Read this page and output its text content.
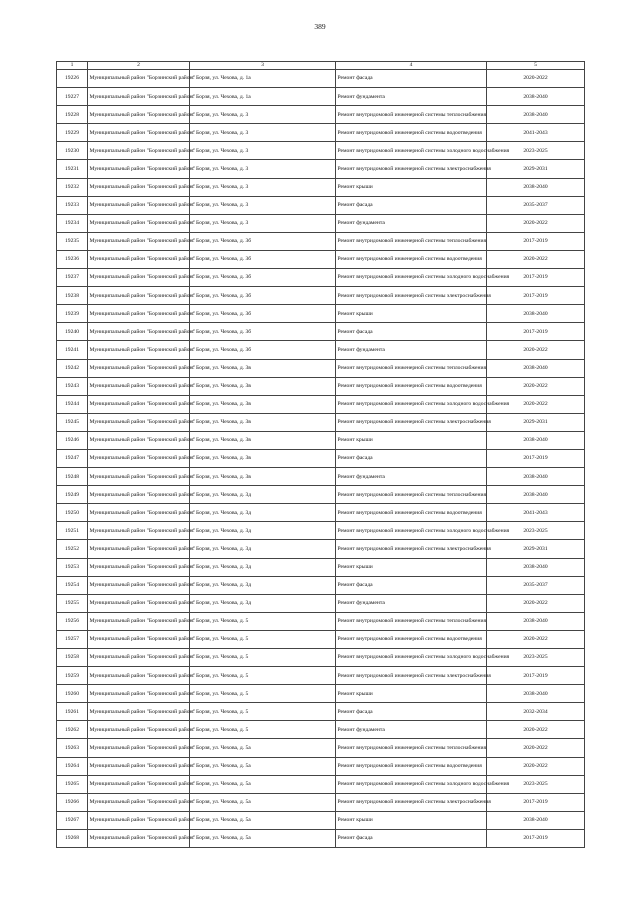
389
1	2	3	4	5
19226	Муниципальный район "Борзинский район"	г. Борзя, ул. Чехова, д. 1а	Ремонт фасада	2020-2022
19227	Муниципальный район "Борзинский район"	г. Борзя, ул. Чехова, д. 1а	Ремонт фундамента	2038-2040
19228	Муниципальный район "Борзинский район"	г. Борзя, ул. Чехова, д. 3	Ремонт внутридомовой инженерной системы теплоснабжения	2038-2040
19229	Муниципальный район "Борзинский район"	г. Борзя, ул. Чехова, д. 3	Ремонт внутридомовой инженерной системы водоотведения	2041-2043
19230	Муниципальный район "Борзинский район"	г. Борзя, ул. Чехова, д. 3	Ремонт внутридомовой инженерной системы холодного водоснабжения	2023-2025
19231	Муниципальный район "Борзинский район"	г. Борзя, ул. Чехова, д. 3	Ремонт внутридомовой инженерной системы электроснабжения	2029-2031
19232	Муниципальный район "Борзинский район"	г. Борзя, ул. Чехова, д. 3	Ремонт крыши	2038-2040
19233	Муниципальный район "Борзинский район"	г. Борзя, ул. Чехова, д. 3	Ремонт фасада	2035-2037
19234	Муниципальный район "Борзинский район"	г. Борзя, ул. Чехова, д. 3	Ремонт фундамента	2020-2022
19235	Муниципальный район "Борзинский район"	г. Борзя, ул. Чехова, д. 3б	Ремонт внутридомовой инженерной системы теплоснабжения	2017-2019
19236	Муниципальный район "Борзинский район"	г. Борзя, ул. Чехова, д. 3б	Ремонт внутридомовой инженерной системы водоотведения	2020-2022
19237	Муниципальный район "Борзинский район"	г. Борзя, ул. Чехова, д. 3б	Ремонт внутридомовой инженерной системы холодного водоснабжения	2017-2019
19238	Муниципальный район "Борзинский район"	г. Борзя, ул. Чехова, д. 3б	Ремонт внутридомовой инженерной системы электроснабжения	2017-2019
19239	Муниципальный район "Борзинский район"	г. Борзя, ул. Чехова, д. 3б	Ремонт крыши	2038-2040
19240	Муниципальный район "Борзинский район"	г. Борзя, ул. Чехова, д. 3б	Ремонт фасада	2017-2019
19241	Муниципальный район "Борзинский район"	г. Борзя, ул. Чехова, д. 3б	Ремонт фундамента	2020-2022
19242	Муниципальный район "Борзинский район"	г. Борзя, ул. Чехова, д. 3в	Ремонт внутридомовой инженерной системы теплоснабжения	2038-2040
19243	Муниципальный район "Борзинский район"	г. Борзя, ул. Чехова, д. 3в	Ремонт внутридомовой инженерной системы водоотведения	2020-2022
19244	Муниципальный район "Борзинский район"	г. Борзя, ул. Чехова, д. 3в	Ремонт внутридомовой инженерной системы холодного водоснабжения	2020-2022
19245	Муниципальный район "Борзинский район"	г. Борзя, ул. Чехова, д. 3в	Ремонт внутридомовой инженерной системы электроснабжения	2029-2031
19246	Муниципальный район "Борзинский район"	г. Борзя, ул. Чехова, д. 3в	Ремонт крыши	2038-2040
19247	Муниципальный район "Борзинский район"	г. Борзя, ул. Чехова, д. 3в	Ремонт фасада	2017-2019
19248	Муниципальный район "Борзинский район"	г. Борзя, ул. Чехова, д. 3в	Ремонт фундамента	2038-2040
19249	Муниципальный район "Борзинский район"	г. Борзя, ул. Чехова, д. 3д	Ремонт внутридомовой инженерной системы теплоснабжения	2038-2040
19250	Муниципальный район "Борзинский район"	г. Борзя, ул. Чехова, д. 3д	Ремонт внутридомовой инженерной системы водоотведения	2041-2043
19251	Муниципальный район "Борзинский район"	г. Борзя, ул. Чехова, д. 3д	Ремонт внутридомовой инженерной системы холодного водоснабжения	2023-2025
19252	Муниципальный район "Борзинский район"	г. Борзя, ул. Чехова, д. 3д	Ремонт внутридомовой инженерной системы электроснабжения	2029-2031
19253	Муниципальный район "Борзинский район"	г. Борзя, ул. Чехова, д. 3д	Ремонт крыши	2038-2040
19254	Муниципальный район "Борзинский район"	г. Борзя, ул. Чехова, д. 3д	Ремонт фасада	2035-2037
19255	Муниципальный район "Борзинский район"	г. Борзя, ул. Чехова, д. 3д	Ремонт фундамента	2020-2022
19256	Муниципальный район "Борзинский район"	г. Борзя, ул. Чехова, д. 5	Ремонт внутридомовой инженерной системы теплоснабжения	2038-2040
19257	Муниципальный район "Борзинский район"	г. Борзя, ул. Чехова, д. 5	Ремонт внутридомовой инженерной системы водоотведения	2020-2022
19258	Муниципальный район "Борзинский район"	г. Борзя, ул. Чехова, д. 5	Ремонт внутридомовой инженерной системы холодного водоснабжения	2023-2025
19259	Муниципальный район "Борзинский район"	г. Борзя, ул. Чехова, д. 5	Ремонт внутридомовой инженерной системы электроснабжения	2017-2019
19260	Муниципальный район "Борзинский район"	г. Борзя, ул. Чехова, д. 5	Ремонт крыши	2038-2040
19261	Муниципальный район "Борзинский район"	г. Борзя, ул. Чехова, д. 5	Ремонт фасада	2032-2034
19262	Муниципальный район "Борзинский район"	г. Борзя, ул. Чехова, д. 5	Ремонт фундамента	2020-2022
19263	Муниципальный район "Борзинский район"	г. Борзя, ул. Чехова, д. 5а	Ремонт внутридомовой инженерной системы теплоснабжения	2020-2022
19264	Муниципальный район "Борзинский район"	г. Борзя, ул. Чехова, д. 5а	Ремонт внутридомовой инженерной системы водоотведения	2020-2022
19265	Муниципальный район "Борзинский район"	г. Борзя, ул. Чехова, д. 5а	Ремонт внутридомовой инженерной системы холодного водоснабжения	2023-2025
19266	Муниципальный район "Борзинский район"	г. Борзя, ул. Чехова, д. 5а	Ремонт внутридомовой инженерной системы электроснабжения	2017-2019
19267	Муниципальный район "Борзинский район"	г. Борзя, ул. Чехова, д. 5а	Ремонт крыши	2038-2040
19268	Муниципальный район "Борзинский район"	г. Борзя, ул. Чехова, д. 5а	Ремонт фасада	2017-2019
